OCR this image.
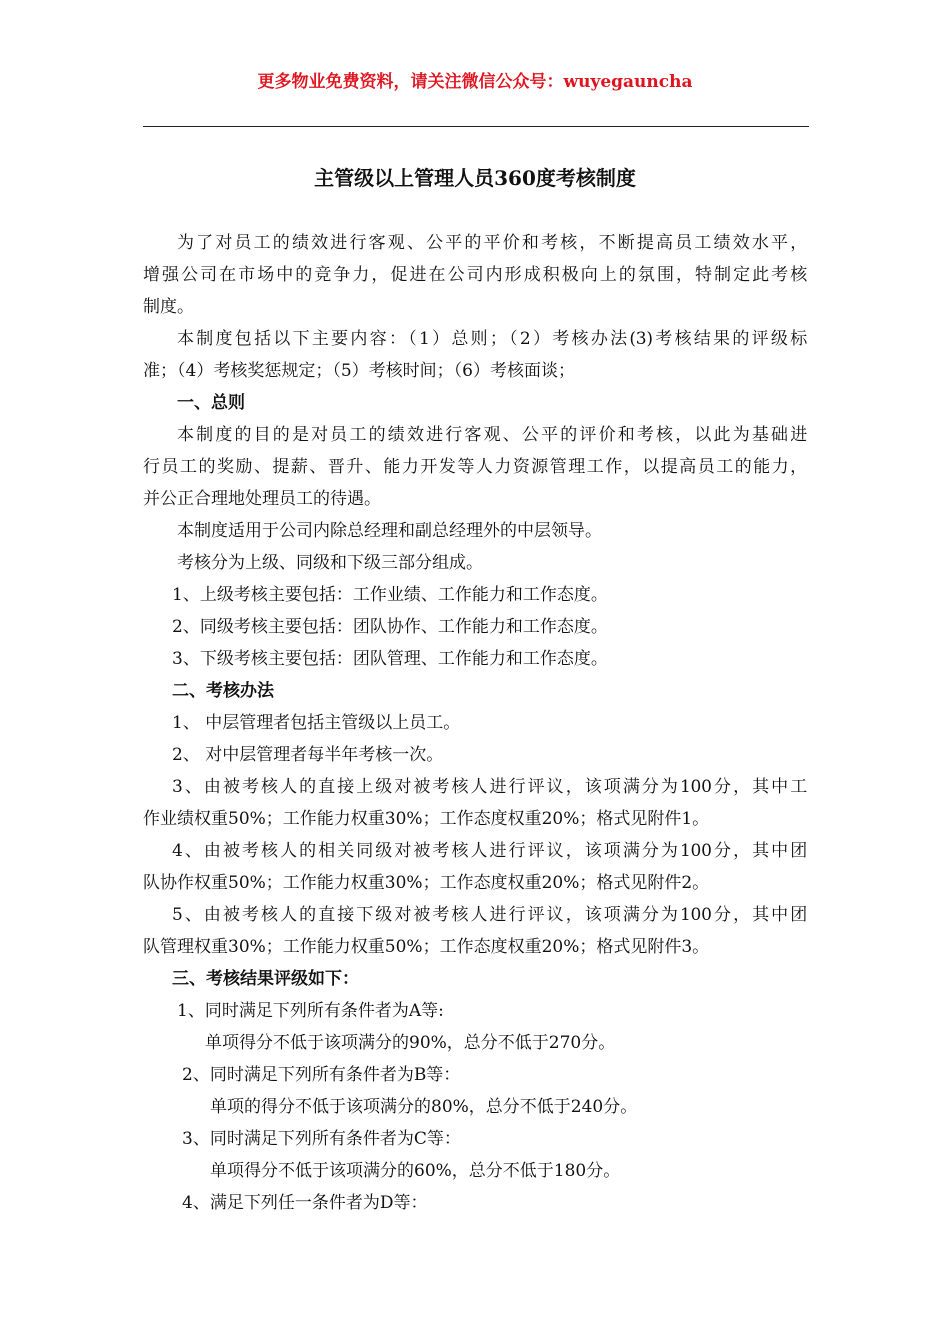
更多物业免费资料，请关注微信公众号：wuyegauncha
主管级以上管理人员360度考核制度
为了对员工的绩效进行客观、公平的平价和考核，不断提高员工绩效水平，
增强公司在市场中的竞争力，促进在公司内形成积极向上的氛围，特制定此考核
制度。
本制度包括以下主要内容：（1）总则；（2）考核办法(3)考核结果的评级标
准；（4）考核奖惩规定；（5）考核时间；（6）考核面谈；
一、总则
本制度的目的是对员工的绩效进行客观、公平的评价和考核，以此为基础进
行员工的奖励、提薪、晋升、能力开发等人力资源管理工作，以提高员工的能力，
并公正合理地处理员工的待遇。
本制度适用于公司内除总经理和副总经理外的中层领导。
考核分为上级、同级和下级三部分组成。
1、上级考核主要包括：工作业绩、工作能力和工作态度。
2、同级考核主要包括：团队协作、工作能力和工作态度。
3、下级考核主要包括：团队管理、工作能力和工作态度。
二、考核办法
1、 中层管理者包括主管级以上员工。
2、 对中层管理者每半年考核一次。
3、由被考核人的直接上级对被考核人进行评议，该项满分为100分，其中工
作业绩权重50%；工作能力权重30%；工作态度权重20%；格式见附件1。
4、由被考核人的相关同级对被考核人进行评议，该项满分为100分，其中团
队协作权重50%；工作能力权重30%；工作态度权重20%；格式见附件2。
5、由被考核人的直接下级对被考核人进行评议，该项满分为100分，其中团
队管理权重30%；工作能力权重50%；工作态度权重20%；格式见附件3。
三、考核结果评级如下：
1、同时满足下列所有条件者为A等:
单项得分不低于该项满分的90%，总分不低于270分。
2、同时满足下列所有条件者为B等：
单项的得分不低于该项满分的80%，总分不低于240分。
3、同时满足下列所有条件者为C等：
单项得分不低于该项满分的60%，总分不低于180分。
4、满足下列任一条件者为D等：
